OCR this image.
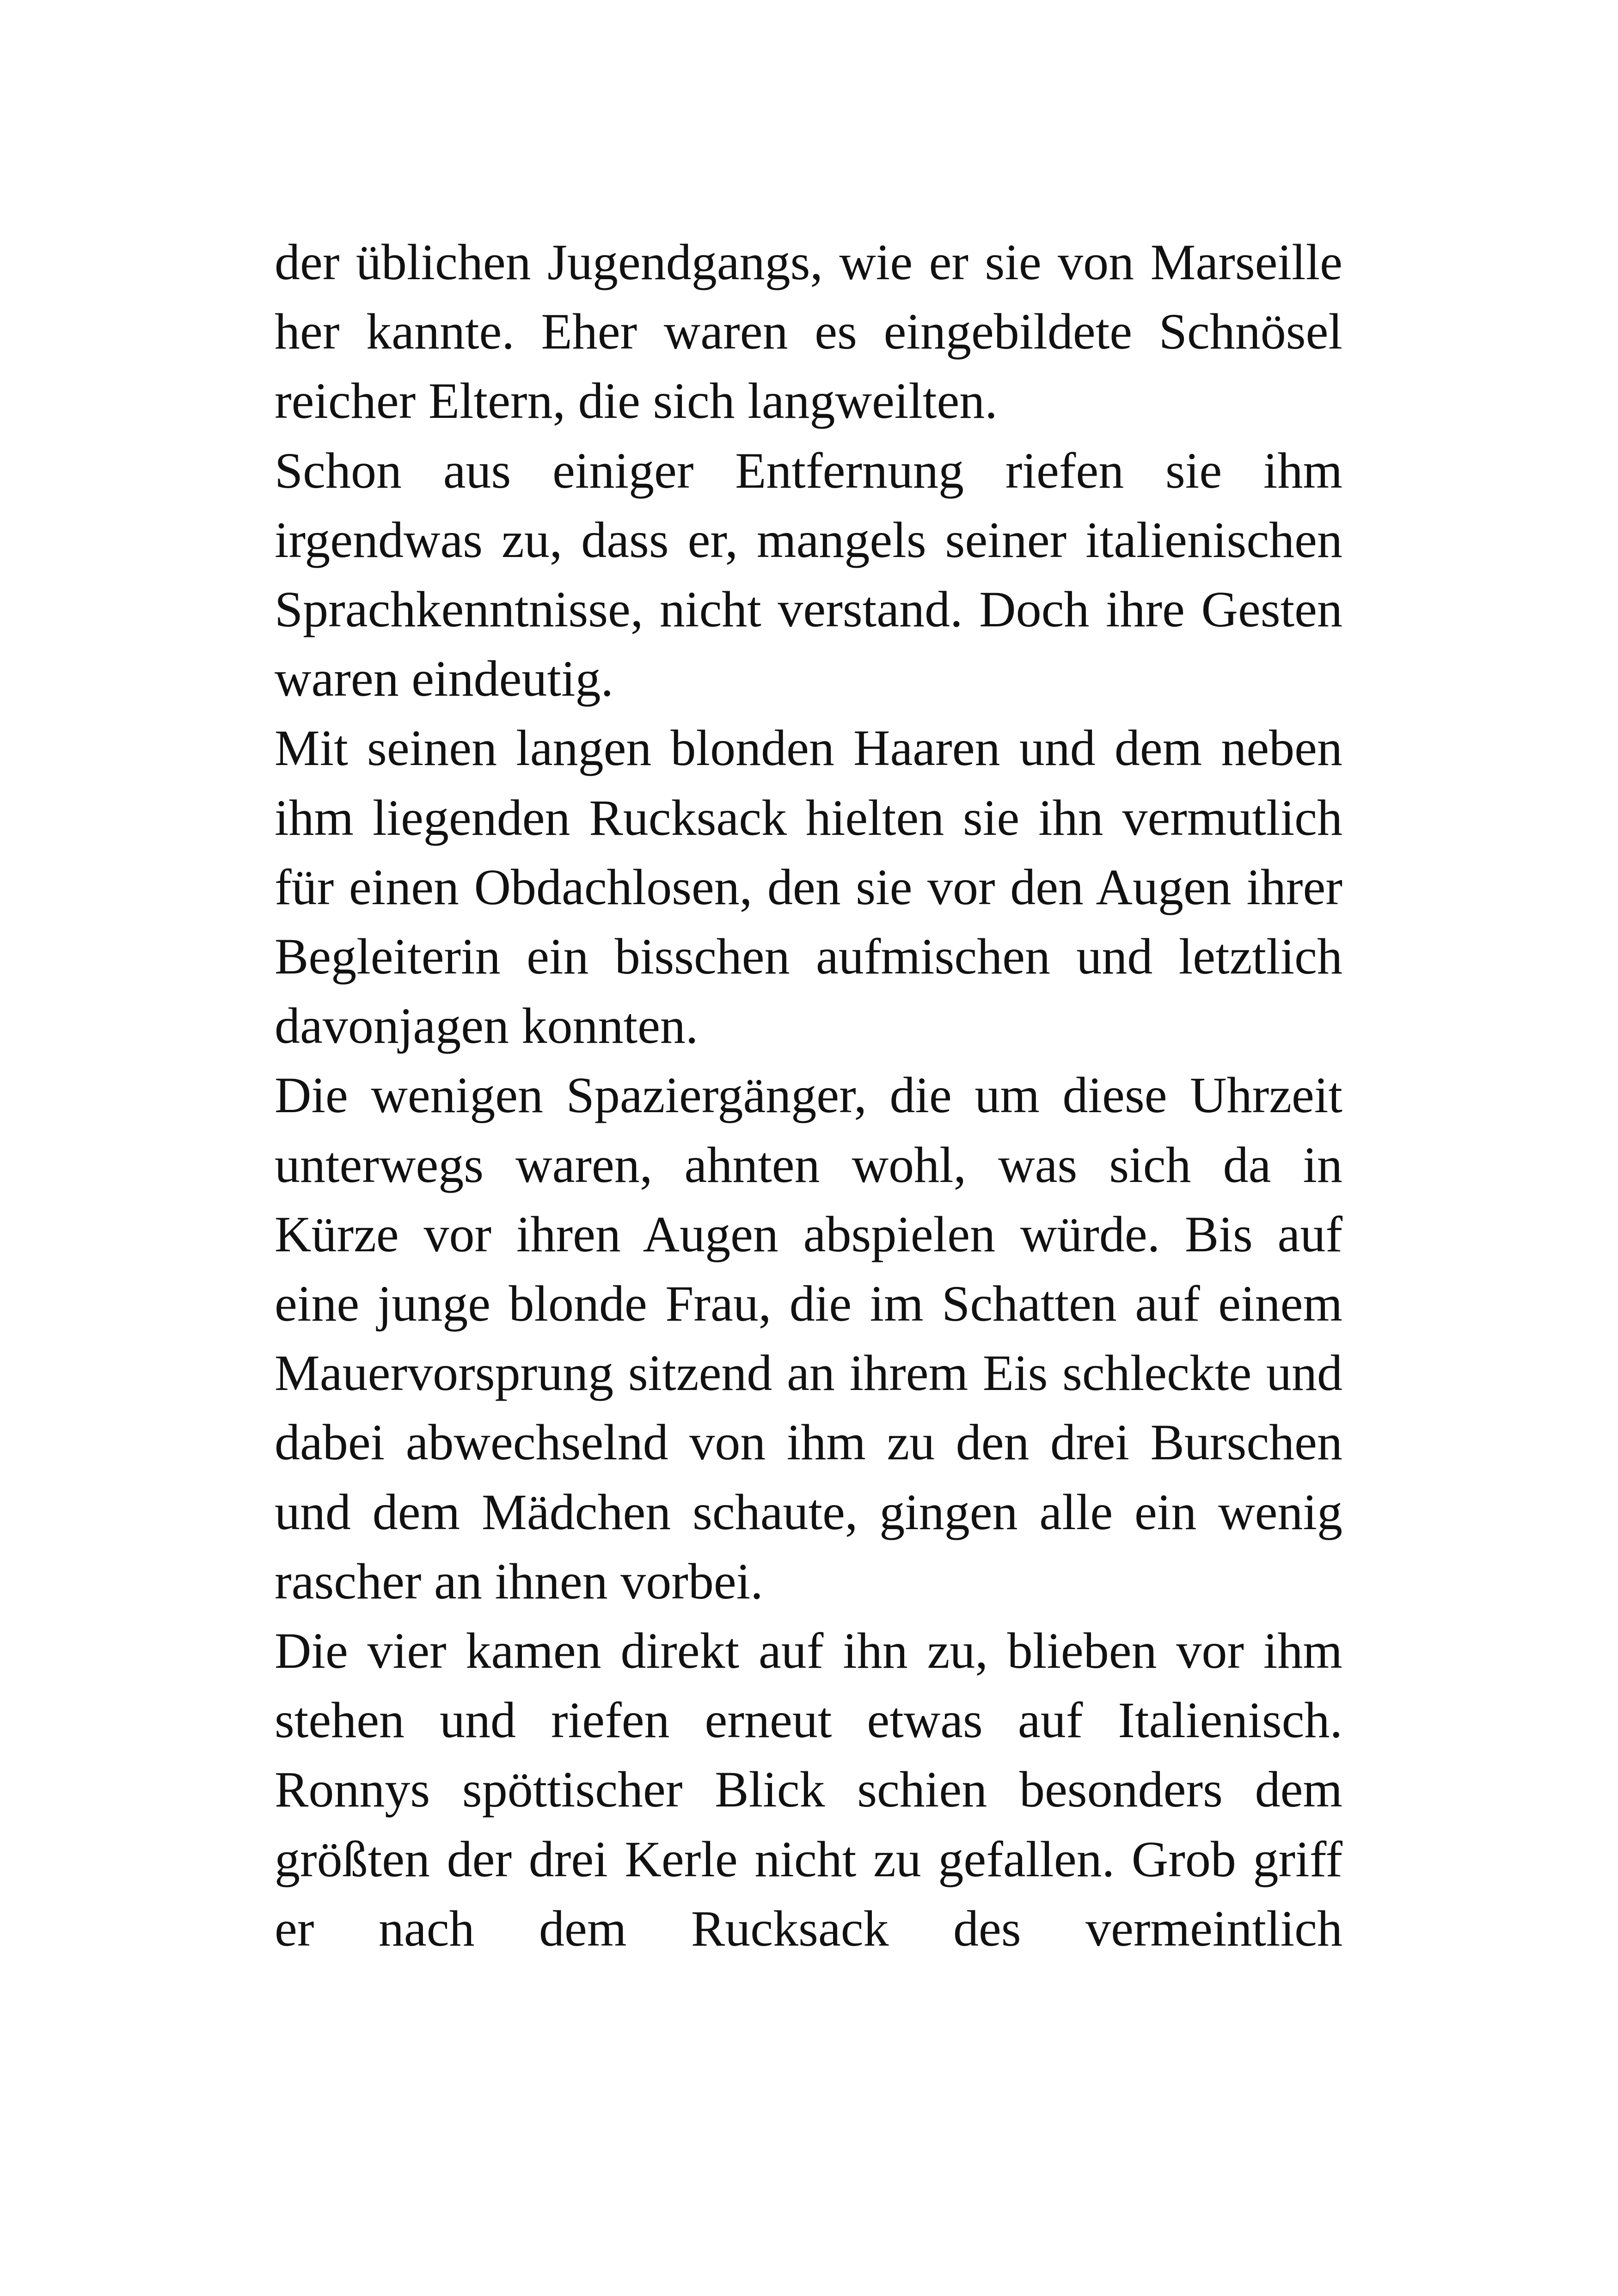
der üblichen Jugendgangs, wie er sie von Marseille her kannte. Eher waren es eingebildete Schnösel reicher Eltern, die sich langweilten.

Schon aus einiger Entfernung riefen sie ihm irgendwas zu, dass er, mangels seiner italienischen Sprachkenntnisse, nicht verstand. Doch ihre Gesten waren eindeutig.

Mit seinen langen blonden Haaren und dem neben ihm liegenden Rucksack hielten sie ihn vermutlich für einen Obdachlosen, den sie vor den Augen ihrer Begleiterin ein bisschen aufmischen und letztlich davonjagen konnten.

Die wenigen Spaziergänger, die um diese Uhrzeit unterwegs waren, ahnten wohl, was sich da in Kürze vor ihren Augen abspielen würde. Bis auf eine junge blonde Frau, die im Schatten auf einem Mauervorsprung sitzend an ihrem Eis schleckte und dabei abwechselnd von ihm zu den drei Burschen und dem Mädchen schaute, gingen alle ein wenig rascher an ihnen vorbei.

Die vier kamen direkt auf ihn zu, blieben vor ihm stehen und riefen erneut etwas auf Italienisch. Ronnys spöttischer Blick schien besonders dem größten der drei Kerle nicht zu gefallen. Grob griff er nach dem Rucksack des vermeintlich
